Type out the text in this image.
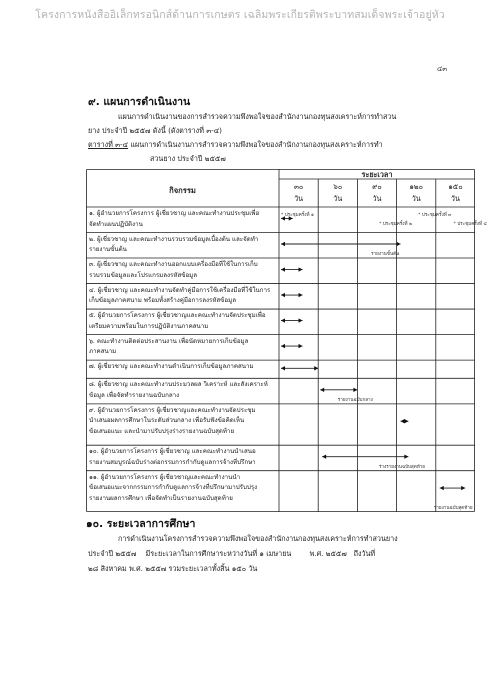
โครงการหนังสืออิเล็กทรอนิกส์ด้านการเกษตร เฉลิมพระเกียรติพระบาทสมเด็จพระเจ้าอยู่หัว
๔๓
๙. แผนการดำเนินงาน
แผนการดำเนินงานของการสำรวจความพึงพอใจของสำนักงานกองทุนสงเคราะห์การทำสวน
ยาง ประจำปี ๒๕๕๗ ดังนี้ (ดังตารางที่ ๓-๔)
ตารางที่ ๓-๔ แผนการดำเนินงานการสำรวจความพึงพอใจของสำนักงานกองทุนสงเคราะห์การทำ
สวนยาง ประจำปี ๒๕๕๗
กิจกรรม
ระยะเวลา
๓๐
วัน
๖๐
วัน
๙๐
วัน
๑๒๐
วัน
๑๕๐
วัน
๑. ผู้อำนวยการโครงการ ผู้เชี่ยวชาญ และคณะทำงานประชุมเพื่อ
จัดทำแผนปฏิบัติงาน
๒. ผู้เชี่ยวชาญ และคณะทำงานรวบรวมข้อมูลเบื้องต้น และจัดทำ
รายงานขั้นต้น
๓. ผู้เชี่ยวชาญ และคณะทำงานออกแบบเครื่องมือที่ใช้ในการเก็บ
รวบรวมข้อมูลและโปรแกรมลงรหัสข้อมูล
๔. ผู้เชี่ยวชาญ และคณะทำงานจัดทำคู่มือการใช้เครื่องมือที่ใช้ในการ
เก็บข้อมูลภาคสนาม พร้อมทั้งสร้างคู่มือการลงรหัสข้อมูล
๕. ผู้อำนวยการโครงการ ผู้เชี่ยวชาญและคณะทำงานจัดประชุมเพื่อ
เตรียมความพร้อมในการปฏิบัติงานภาคสนาม
๖. คณะทำงานติดต่อประสานงาน เพื่อนัดหมายการเก็บข้อมูล
ภาคสนาม
๗. ผู้เชี่ยวชาญ และคณะทำงานดำเนินการเก็บข้อมูลภาคสนาม
๘. ผู้เชี่ยวชาญ และคณะทำงานประมวลผล วิเคราะห์ และสังเคราะห์
ข้อมูล เพื่อจัดทำรายงานฉบับกลาง
๙. ผู้อำนวยการโครงการ ผู้เชี่ยวชาญและคณะทำงานจัดประชุม
นำเสนอผลการศึกษาในระดับส่วนกลาง เพื่อรับฟังข้อคิดเห็น
ข้อเสนอแนะ และนำมาปรับปรุงร่างรายงานฉบับสุดท้าย
๑๐. ผู้อำนวยการโครงการ ผู้เชี่ยวชาญ และคณะทำงานนำเสนอ
รายงานสมบูรณ์ฉบับร่างต่อกรรมการกำกับดูแลการจ้างที่ปรึกษา
๑๑. ผู้อำนวยการโครงการ ผู้เชี่ยวชาญและคณะทำงานนำ
ข้อเสนอแนะจากกรรมการกำกับดูแลการจ้างที่ปรึกษามาปรับปรุง
รายงานผลการศึกษา เพื่อจัดทำเป็นรายงานฉบับสุดท้าย
* ประชุมครั้งที่ ๑
* ประชุมครั้งที่ ๒
* ประชุมครั้งที่ ๓
* ประชุมครั้งที่ ๔
รายงานขั้นต้น
รายงานฉบับกลาง
ร่างรายงานฉบับสุดท้าย
รายงานฉบับสุดท้าย
๑๐. ระยะเวลาการศึกษา
การดำเนินงานโครงการสำรวจความพึงพอใจของสำนักงานกองทุนสงเคราะห์การทำสวนยาง
ประจำปี ๒๕๕๗    มีระยะเวลาในการศึกษาระหว่างวันที่ ๑ เมษายน        พ.ศ. ๒๕๕๗   ถึงวันที่
๒๘ สิงหาคม พ.ศ. ๒๕๕๗ รวมระยะเวลาทั้งสิ้น ๑๕๐ วัน
